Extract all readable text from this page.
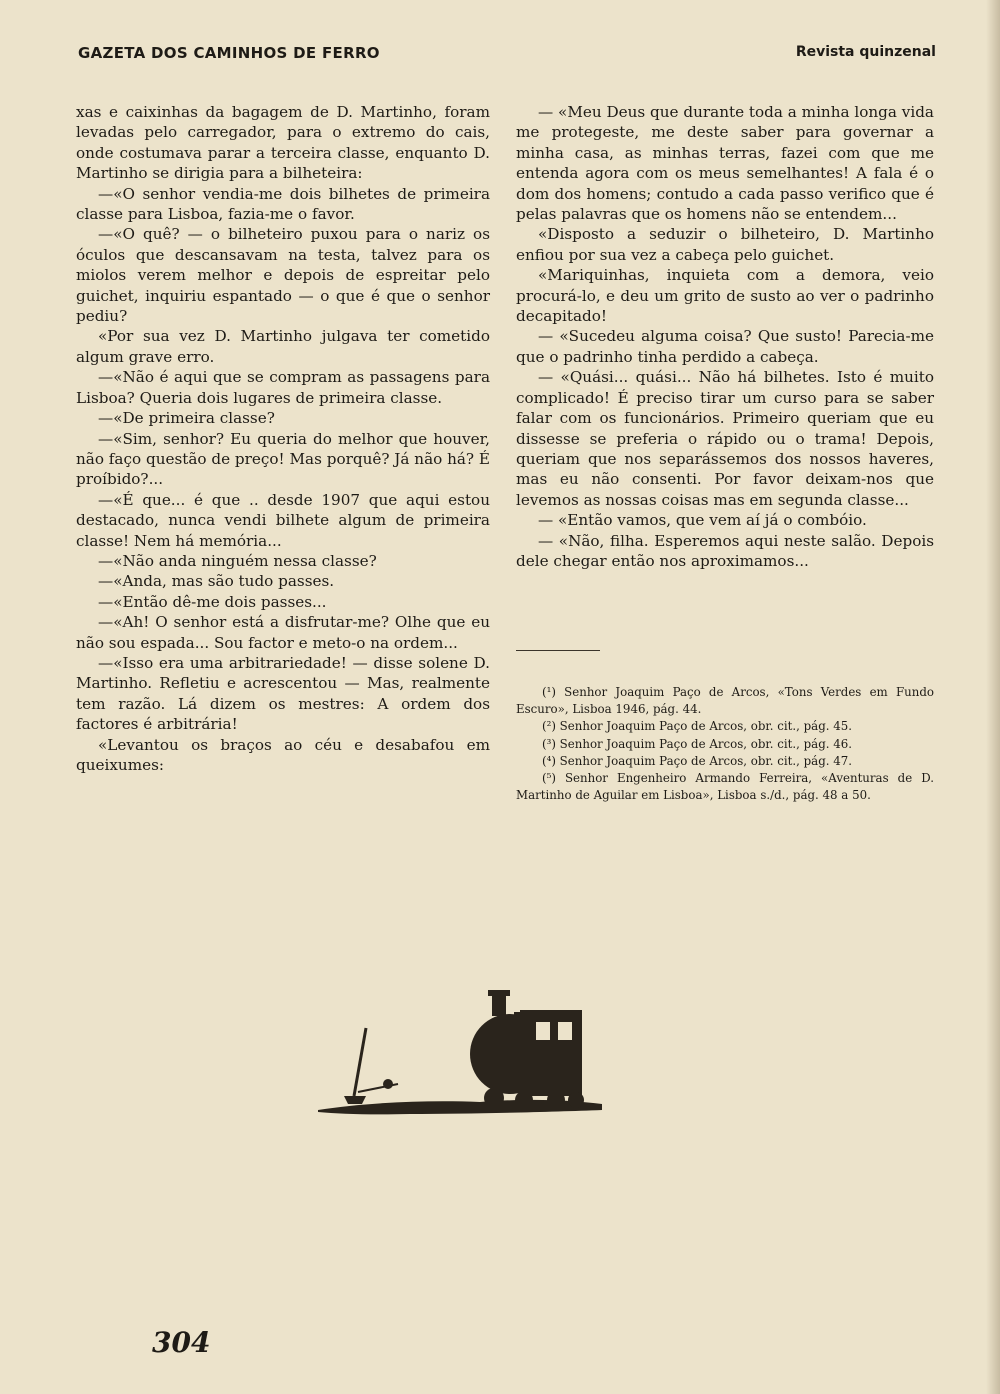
GAZETA DOS CAMINHOS DE FERRO	Revista quinzenal

xas e caixinhas da bagagem de D. Martinho, foram levadas pelo carregador, para o extremo do cais, onde costumava parar a terceira classe, enquanto D. Martinho se dirigia para a bilheteira:

—«O senhor vendia-me dois bilhetes de primeira classe para Lisboa, fazia-me o favor.

—«O quê? — o bilheteiro puxou para o nariz os óculos que descansavam na testa, talvez para os miolos verem melhor e depois de espreitar pelo guichet, inquiriu espantado — o que é que o senhor pediu?

«Por sua vez D. Martinho julgava ter cometido algum grave erro.

—«Não é aqui que se compram as passagens para Lisboa? Queria dois lugares de primeira classe.

—«De primeira classe?

—«Sim, senhor? Eu queria do melhor que houver, não faço questão de preço! Mas porquê? Já não há? É proíbido?...

—«É que... é que .. desde 1907 que aqui estou destacado, nunca vendi bilhete algum de primeira classe! Nem há memória...

—«Não anda ninguém nessa classe?

—«Anda, mas são tudo passes.

—«Então dê-me dois passes...

—«Ah! O senhor está a disfrutar-me? Olhe que eu não sou espada... Sou factor e meto-o na ordem...

—«Isso era uma arbitrariedade! — disse solene D. Martinho. Refletiu e acrescentou — Mas, realmente tem razão. Lá dizem os mestres: A ordem dos factores é arbitrária!

«Levantou os braços ao céu e desabafou em queixumes:

— «Meu Deus que durante toda a minha longa vida me protegeste, me deste saber para governar a minha casa, as minhas terras, fazei com que me entenda agora com os meus semelhantes! A fala é o dom dos homens; contudo a cada passo verifico que é pelas palavras que os homens não se entendem...

«Disposto a seduzir o bilheteiro, D. Martinho enfiou por sua vez a cabeça pelo guichet.

«Mariquinhas, inquieta com a demora, veio procurá-lo, e deu um grito de susto ao ver o padrinho decapitado!

— «Sucedeu alguma coisa? Que susto! Parecia-me que o padrinho tinha perdido a cabeça.

— «Quási... quási... Não há bilhetes. Isto é muito complicado! É preciso tirar um curso para se saber falar com os funcionários. Primeiro queriam que eu dissesse se preferia o rápido ou o trama! Depois, queriam que nos separássemos dos nossos haveres, mas eu não consenti. Por favor deixam-nos que levemos as nossas coisas mas em segunda classe...

— «Então vamos, que vem aí já o combóio.

— «Não, filha. Esperemos aqui neste salão. Depois dele chegar então nos aproximamos...

(¹) Senhor Joaquim Paço de Arcos, «Tons Verdes em Fundo Escuro», Lisboa 1946, pág. 44.

(²) Senhor Joaquim Paço de Arcos, obr. cit., pág. 45.

(³) Senhor Joaquim Paço de Arcos, obr. cit., pág. 46.

(⁴) Senhor Joaquim Paço de Arcos, obr. cit., pág. 47.

(⁵) Senhor Engenheiro Armando Ferreira, «Aventuras de D. Martinho de Aguilar em Lisboa», Lisboa s./d., pág. 48 a 50.

304
